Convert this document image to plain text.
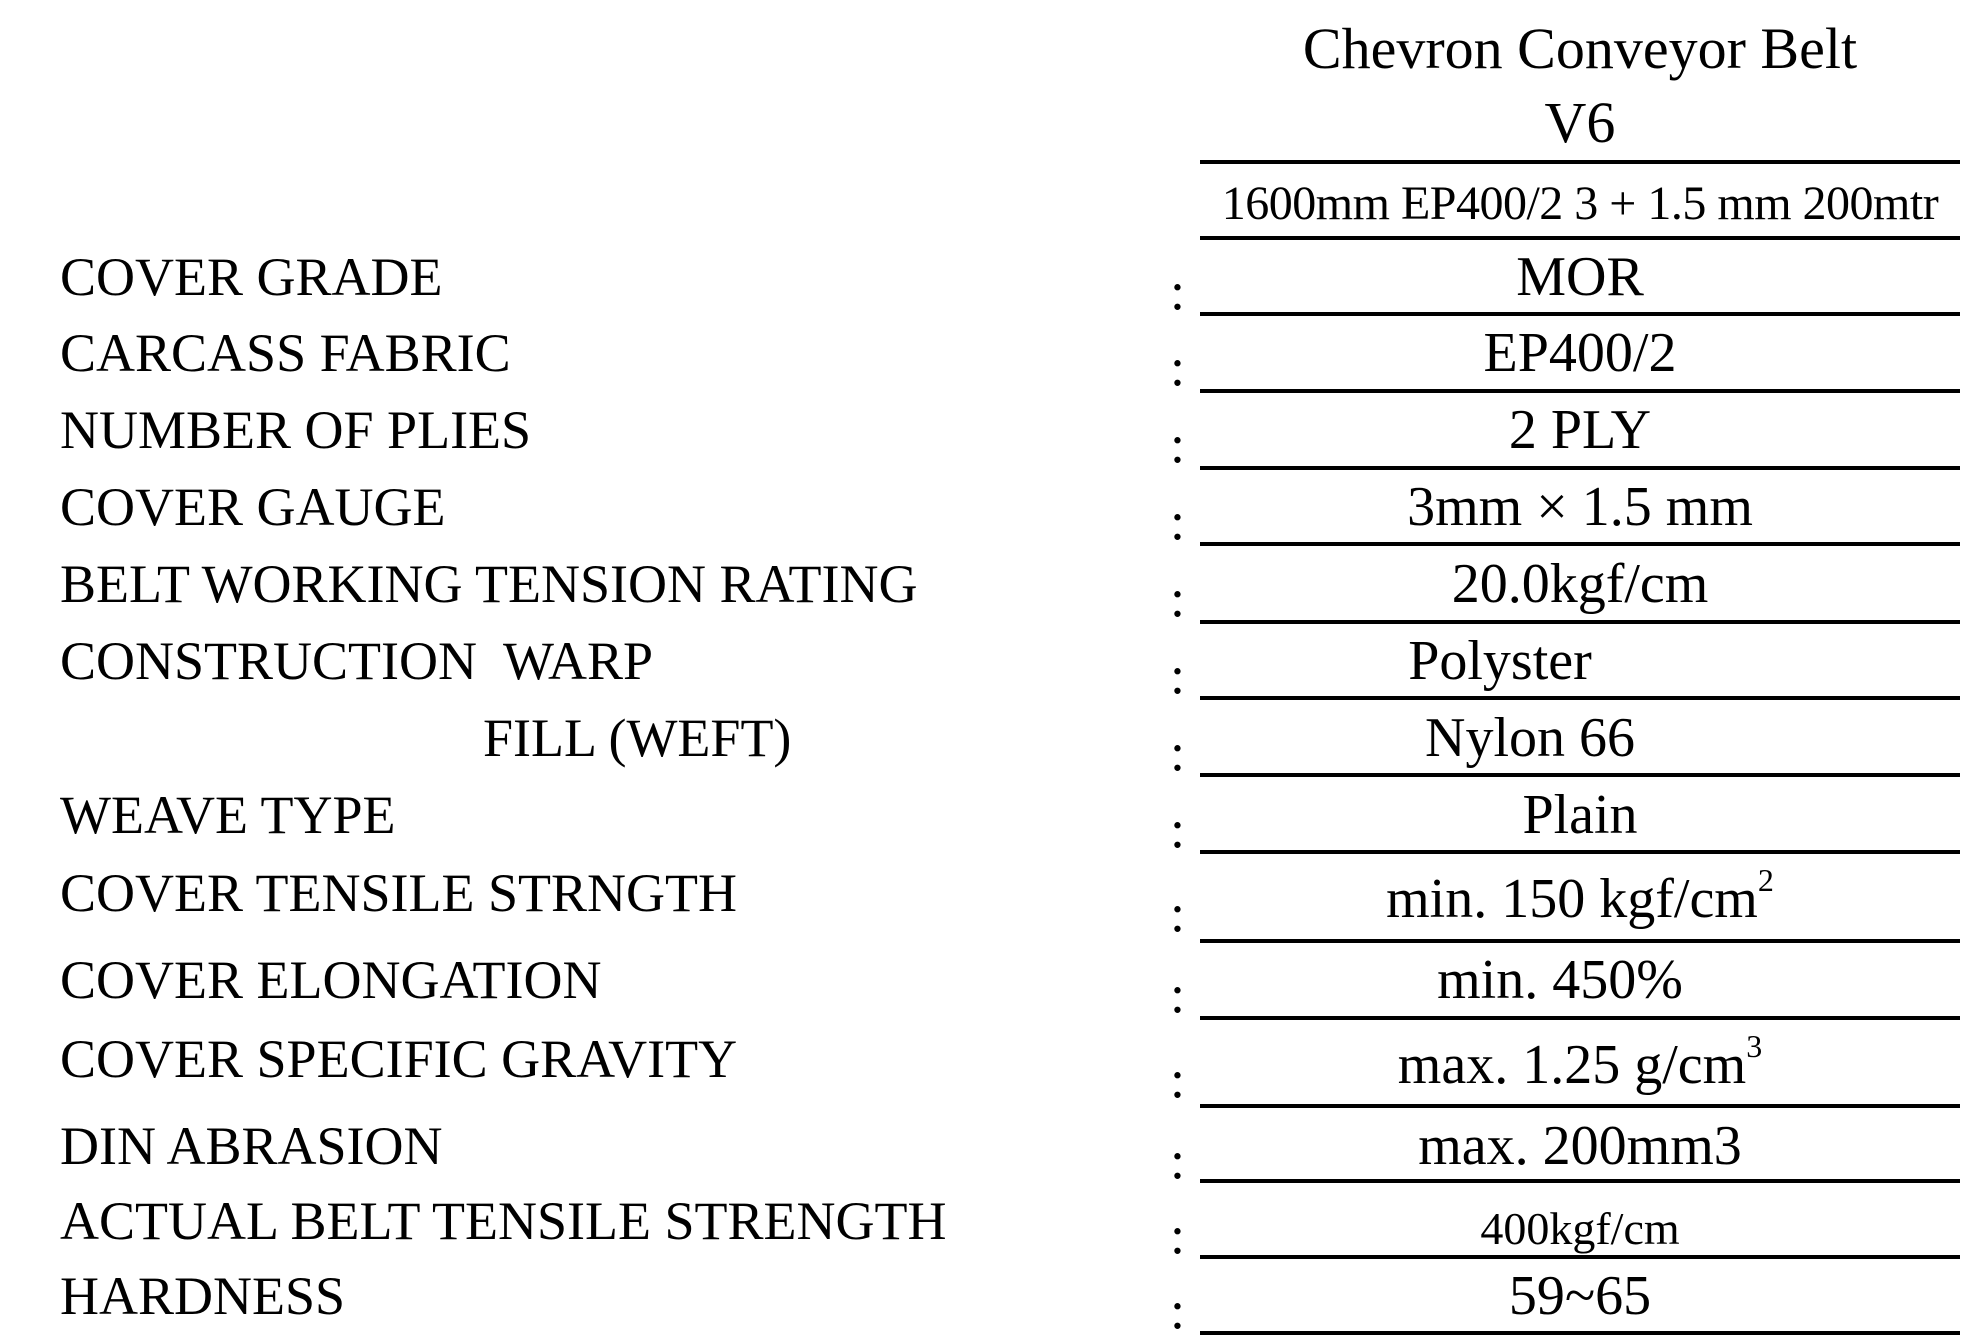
Chevron Conveyor Belt
V6
1600mm EP400/2 3 + 1.5 mm 200mtr
COVER GRADE	:	MOR
CARCASS FABRIC	:	EP400/2
NUMBER OF PLIES	:	2 PLY
COVER GAUGE	:	3mm × 1.5 mm
BELT WORKING TENSION RATING	:	20.0kgf/cm
CONSTRUCTION  WARP	:	Polyster
FILL (WEFT)	:	Nylon 66
WEAVE TYPE	:	Plain
COVER TENSILE STRNGTH	:	min. 150 kgf/$cm^2$
COVER ELONGATION	:	min. 450%
COVER SPECIFIC GRAVITY	:	max. 1.25 $g/cm^3$
DIN ABRASION	:	max. 200mm3
ACTUAL BELT TENSILE STRENGTH	:	400kgf/cm
HARDNESS	:	59~65
